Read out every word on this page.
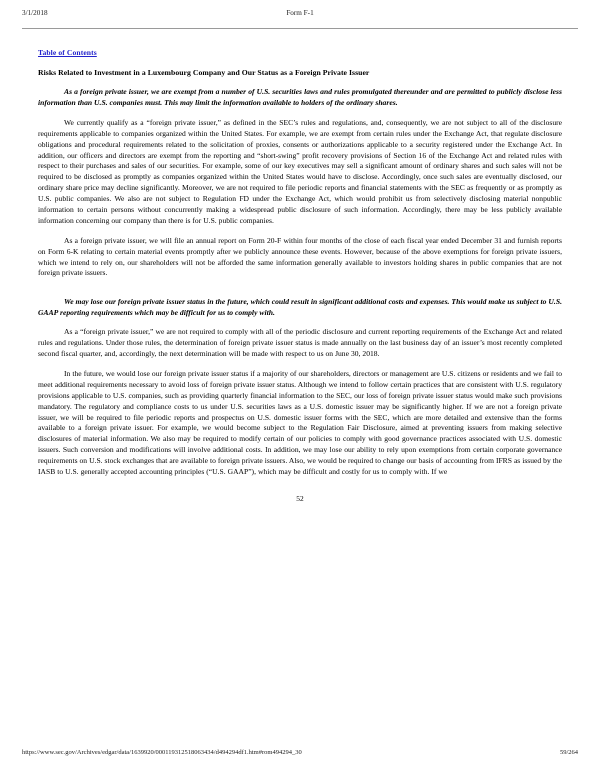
3/1/2018	Form F-1
Table of Contents
Risks Related to Investment in a Luxembourg Company and Our Status as a Foreign Private Issuer
As a foreign private issuer, we are exempt from a number of U.S. securities laws and rules promulgated thereunder and are permitted to publicly disclose less information than U.S. companies must. This may limit the information available to holders of the ordinary shares.

We currently qualify as a “foreign private issuer,” as defined in the SEC’s rules and regulations, and, consequently, we are not subject to all of the disclosure requirements applicable to companies organized within the United States. For example, we are exempt from certain rules under the Exchange Act, that regulate disclosure obligations and procedural requirements related to the solicitation of proxies, consents or authorizations applicable to a security registered under the Exchange Act. In addition, our officers and directors are exempt from the reporting and “short-swing” profit recovery provisions of Section 16 of the Exchange Act and related rules with respect to their purchases and sales of our securities. For example, some of our key executives may sell a significant amount of ordinary shares and such sales will not be required to be disclosed as promptly as companies organized within the United States would have to disclose. Accordingly, once such sales are eventually disclosed, our ordinary share price may decline significantly. Moreover, we are not required to file periodic reports and financial statements with the SEC as frequently or as promptly as U.S. public companies. We also are not subject to Regulation FD under the Exchange Act, which would prohibit us from selectively disclosing material nonpublic information to certain persons without concurrently making a widespread public disclosure of such information. Accordingly, there may be less publicly available information concerning our company than there is for U.S. public companies.

As a foreign private issuer, we will file an annual report on Form 20-F within four months of the close of each fiscal year ended December 31 and furnish reports on Form 6-K relating to certain material events promptly after we publicly announce these events. However, because of the above exemptions for foreign private issuers, which we intend to rely on, our shareholders will not be afforded the same information generally available to investors holding shares in public companies that are not foreign private issuers.

We may lose our foreign private issuer status in the future, which could result in significant additional costs and expenses. This would make us subject to U.S. GAAP reporting requirements which may be difficult for us to comply with.

As a “foreign private issuer,” we are not required to comply with all of the periodic disclosure and current reporting requirements of the Exchange Act and related rules and regulations. Under those rules, the determination of foreign private issuer status is made annually on the last business day of an issuer’s most recently completed second fiscal quarter, and, accordingly, the next determination will be made with respect to us on June 30, 2018.

In the future, we would lose our foreign private issuer status if a majority of our shareholders, directors or management are U.S. citizens or residents and we fail to meet additional requirements necessary to avoid loss of foreign private issuer status. Although we intend to follow certain practices that are consistent with U.S. regulatory provisions applicable to U.S. companies, such as providing quarterly financial information to the SEC, our loss of foreign private issuer status would make such provisions mandatory. The regulatory and compliance costs to us under U.S. securities laws as a U.S. domestic issuer may be significantly higher. If we are not a foreign private issuer, we will be required to file periodic reports and prospectus on U.S. domestic issuer forms with the SEC, which are more detailed and extensive than the forms available to a foreign private issuer. For example, we would become subject to the Regulation Fair Disclosure, aimed at preventing issuers from making selective disclosures of material information. We also may be required to modify certain of our policies to comply with good governance practices associated with U.S. domestic issuers. Such conversion and modifications will involve additional costs. In addition, we may lose our ability to rely upon exemptions from certain corporate governance requirements on U.S. stock exchanges that are available to foreign private issuers. Also, we would be required to change our basis of accounting from IFRS as issued by the IASB to U.S. generally accepted accounting principles (“U.S. GAAP”), which may be difficult and costly for us to comply with. If we

52
https://www.sec.gov/Archives/edgar/data/1639920/000119312518063434/d494294df1.htm#rom494294_30	59/264
